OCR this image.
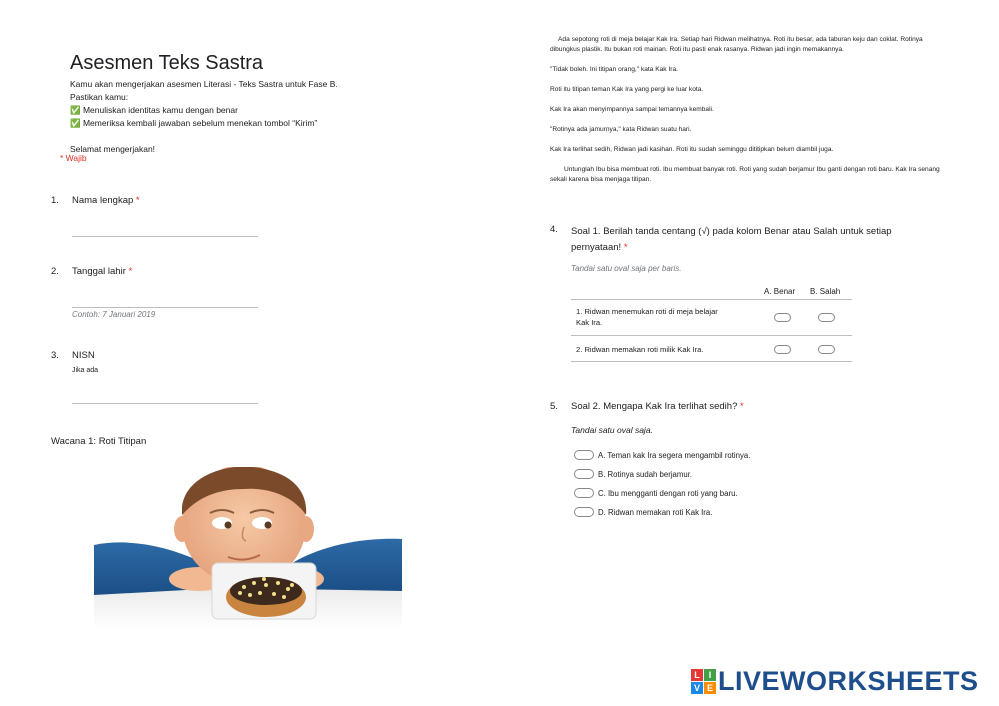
Asesmen Teks Sastra
Kamu akan mengerjakan asesmen Literasi - Teks Sastra untuk Fase B.
Pastikan kamu:
✅ Menuliskan identitas kamu dengan benar
✅ Memeriksa kembali jawaban sebelum menekan tombol “Kirim”
Selamat mengerjakan!
* Wajib
1. Nama lengkap *
2. Tanggal lahir *
Contoh: 7 Januari 2019
3. NISN
Jika ada
Wacana 1: Roti Titipan

Ada sepotong roti di meja belajar Kak Ira. Setiap hari Ridwan melihatnya. Roti itu besar, ada taburan keju dan coklat. Rotinya dibungkus plastik. Itu bukan roti mainan. Roti itu pasti enak rasanya. Ridwan jadi ingin memakannya.

"Tidak boleh. Ini titipan orang," kata Kak Ira.

Roti itu titipan teman Kak Ira yang pergi ke luar kota.

Kak Ira akan menyimpannya sampai temannya kembali.

"Rotinya ada jamurnya," kata Ridwan suatu hari.

Kak Ira terlihat sedih, Ridwan jadi kasihan. Roti itu sudah seminggu dititipkan belum diambil juga.

Untunglah Ibu bisa membuat roti. Ibu membuat banyak roti. Roti yang sudah berjamur Ibu ganti dengan roti baru. Kak Ira senang sekali karena bisa menjaga titipan.

4. Soal 1. Berilah tanda centang (√) pada kolom Benar atau Salah untuk setiap
pernyataan! *
Tandai satu oval saja per baris.
A. Benar B. Salah
1. Ridwan menemukan roti di meja belajar
Kak Ira.
2. Ridwan memakan roti milik Kak Ira.
5. Soal 2. Mengapa Kak Ira terlihat sedih? *
Tandai satu oval saja.
A. Teman kak Ira segera mengambil rotinya.
B. Rotinya sudah berjamur.
C. Ibu mengganti dengan roti yang baru.
D. Ridwan memakan roti Kak Ira.
L I
V E LIVEWORKSHEETS
